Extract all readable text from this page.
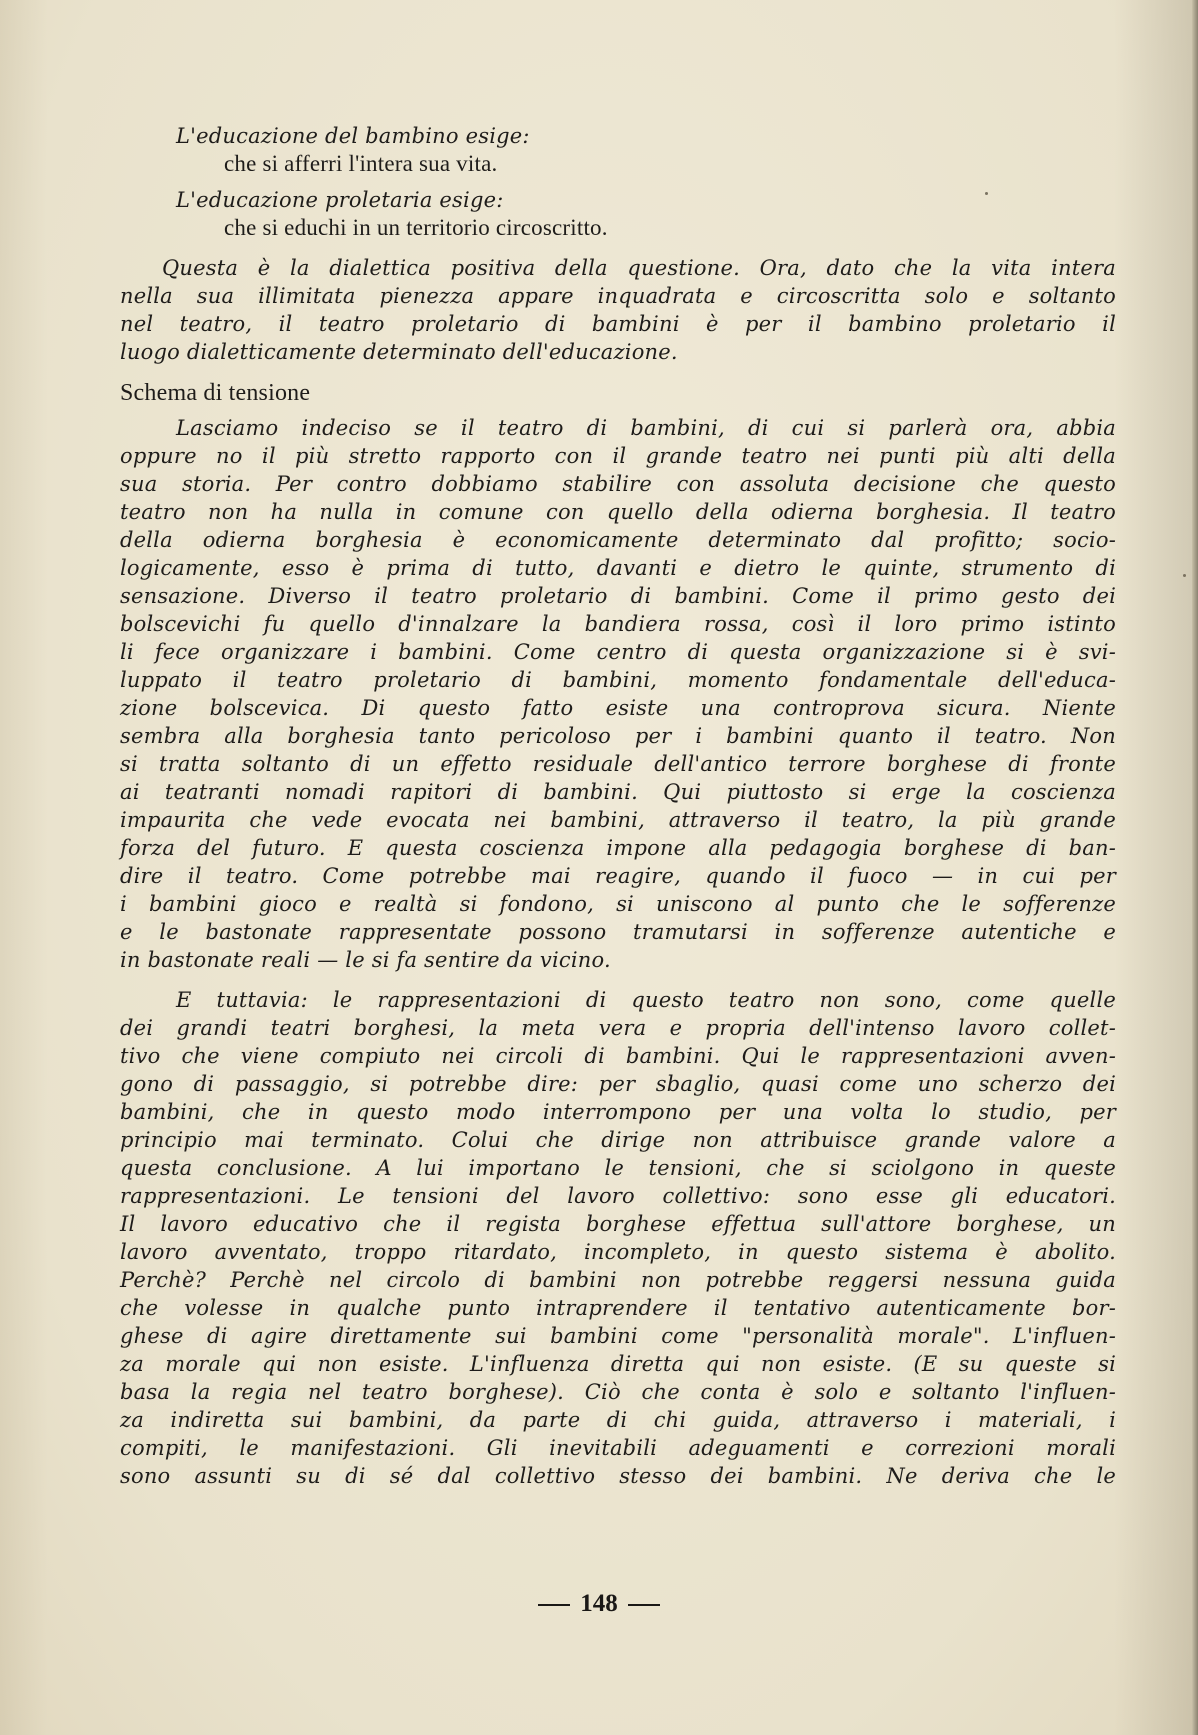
L'educazione del bambino esige:
che si afferri l'intera sua vita.
L'educazione proletaria esige:
che si educhi in un territorio circoscritto.
Questa è la dialettica positiva della questione. Ora, dato che la vita intera
nella sua illimitata pienezza appare inquadrata e circoscritta solo e soltanto
nel teatro, il teatro proletario di bambini è per il bambino proletario il
luogo dialetticamente determinato dell'educazione.
Schema di tensione
Lasciamo indeciso se il teatro di bambini, di cui si parlerà ora, abbia
oppure no il più stretto rapporto con il grande teatro nei punti più alti della
sua storia. Per contro dobbiamo stabilire con assoluta decisione che questo
teatro non ha nulla in comune con quello della odierna borghesia. Il teatro
della odierna borghesia è economicamente determinato dal profitto; socio-
logicamente, esso è prima di tutto, davanti e dietro le quinte, strumento di
sensazione. Diverso il teatro proletario di bambini. Come il primo gesto dei
bolscevichi fu quello d'innalzare la bandiera rossa, così il loro primo istinto
li fece organizzare i bambini. Come centro di questa organizzazione si è svi-
luppato il teatro proletario di bambini, momento fondamentale dell'educa-
zione bolscevica. Di questo fatto esiste una controprova sicura. Niente
sembra alla borghesia tanto pericoloso per i bambini quanto il teatro. Non
si tratta soltanto di un effetto residuale dell'antico terrore borghese di fronte
ai teatranti nomadi rapitori di bambini. Qui piuttosto si erge la coscienza
impaurita che vede evocata nei bambini, attraverso il teatro, la più grande
forza del futuro. E questa coscienza impone alla pedagogia borghese di ban-
dire il teatro. Come potrebbe mai reagire, quando il fuoco — in cui per
i bambini gioco e realtà si fondono, si uniscono al punto che le sofferenze
e le bastonate rappresentate possono tramutarsi in sofferenze autentiche e
in bastonate reali — le si fa sentire da vicino.
E tuttavia: le rappresentazioni di questo teatro non sono, come quelle
dei grandi teatri borghesi, la meta vera e propria dell'intenso lavoro collet-
tivo che viene compiuto nei circoli di bambini. Qui le rappresentazioni avven-
gono di passaggio, si potrebbe dire: per sbaglio, quasi come uno scherzo dei
bambini, che in questo modo interrompono per una volta lo studio, per
principio mai terminato. Colui che dirige non attribuisce grande valore a
questa conclusione. A lui importano le tensioni, che si sciolgono in queste
rappresentazioni. Le tensioni del lavoro collettivo: sono esse gli educatori.
Il lavoro educativo che il regista borghese effettua sull'attore borghese, un
lavoro avventato, troppo ritardato, incompleto, in questo sistema è abolito.
Perchè? Perchè nel circolo di bambini non potrebbe reggersi nessuna guida
che volesse in qualche punto intraprendere il tentativo autenticamente bor-
ghese di agire direttamente sui bambini come "personalità morale". L'influen-
za morale qui non esiste. L'influenza diretta qui non esiste. (E su queste si
basa la regia nel teatro borghese). Ciò che conta è solo e soltanto l'influen-
za indiretta sui bambini, da parte di chi guida, attraverso i materiali, i
compiti, le manifestazioni. Gli inevitabili adeguamenti e correzioni morali
sono assunti su di sé dal collettivo stesso dei bambini. Ne deriva che le
148
